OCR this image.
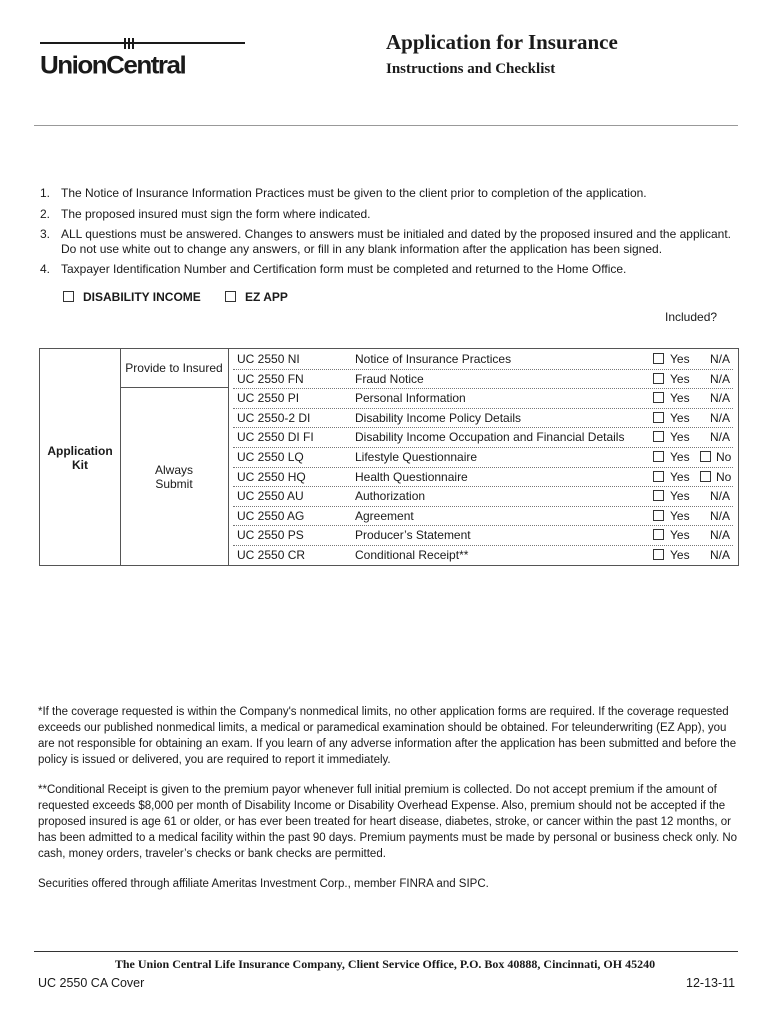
UnionCentral
Application for Insurance
Instructions and Checklist
1. The Notice of Insurance Information Practices must be given to the client prior to completion of the application.
2. The proposed insured must sign the form where indicated.
3. ALL questions must be answered. Changes to answers must be initialed and dated by the proposed insured and the applicant. Do not use white out to change any answers, or fill in any blank information after the application has been signed.
4. Taxpayer Identification Number and Certification form must be completed and returned to the Home Office.
DISABILITY INCOME	EZ APP
Included?
Application
Kit
Provide to Insured
Always
Submit
UC 2550 NI	Notice of Insurance Practices	Yes N/A
UC 2550 FN	Fraud Notice	Yes N/A
UC 2550 PI	Personal Information	Yes N/A
UC 2550-2 DI	Disability Income Policy Details	Yes N/A
UC 2550 DI FI	Disability Income Occupation and Financial Details	Yes N/A
UC 2550 LQ	Lifestyle Questionnaire	Yes No
UC 2550 HQ	Health Questionnaire	Yes No
UC 2550 AU	Authorization	Yes N/A
UC 2550 AG	Agreement	Yes N/A
UC 2550 PS	Producer’s Statement	Yes N/A
UC 2550 CR	Conditional Receipt**	Yes N/A

*If the coverage requested is within the Company's nonmedical limits, no other application forms are required. If the coverage requested exceeds our published nonmedical limits, a medical or paramedical examination should be obtained. For teleunderwriting (EZ App), you are not responsible for obtaining an exam. If you learn of any adverse information after the application has been submitted and before the policy is issued or delivered, you are required to report it immediately.

**Conditional Receipt is given to the premium payor whenever full initial premium is collected. Do not accept premium if the amount of requested exceeds $8,000 per month of Disability Income or Disability Overhead Expense. Also, premium should not be accepted if the proposed insured is age 61 or older, or has ever been treated for heart disease, diabetes, stroke, or cancer within the past 12 months, or has been admitted to a medical facility within the past 90 days. Premium payments must be made by personal or business check only. No cash, money orders, traveler’s checks or bank checks are permitted.

Securities offered through affiliate Ameritas Investment Corp., member FINRA and SIPC.

The Union Central Life Insurance Company, Client Service Office, P.O. Box 40888, Cincinnati, OH 45240
UC 2550 CA Cover	12-13-11
